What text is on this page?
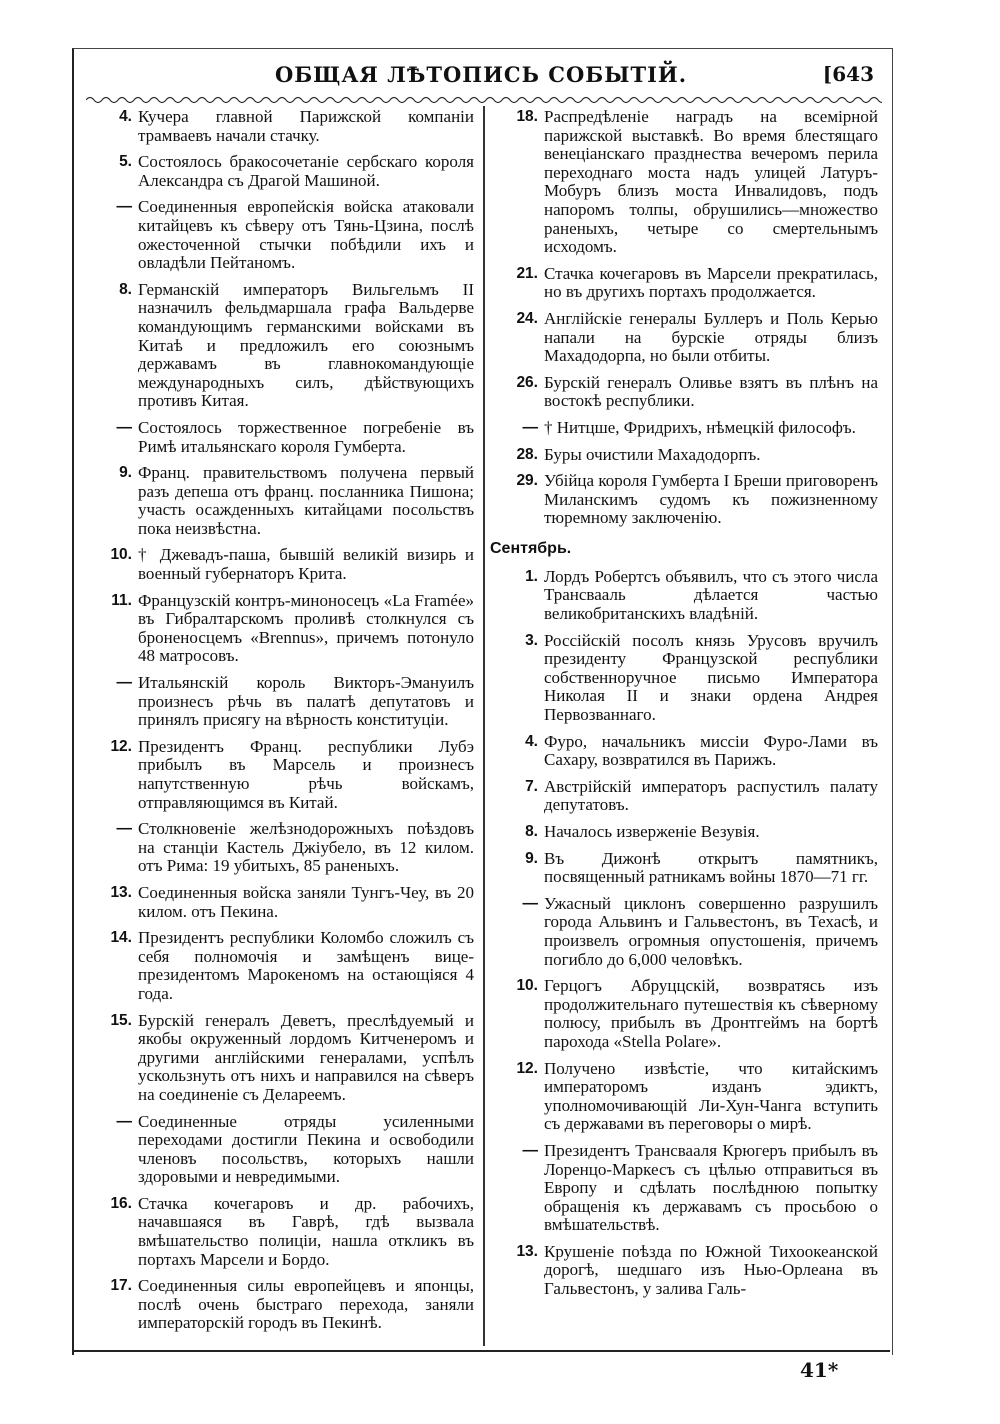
ОБЩАЯ ЛѢТОПИСЬ СОБЫТІЙ.	[643
4. Кучера главной Парижской компаніи трамваевъ начали стачку.
5. Состоялось бракосочетаніе сербскаго короля Александра съ Драгой Машиной.
— Соединенныя европейскія войска атаковали китайцевъ къ сѣверу отъ Тянь-Цзина, послѣ ожесточенной стычки побѣдили ихъ и овладѣли Пейтаномъ.
8. Германскій императоръ Вильгельмъ II назначилъ фельдмаршала графа Вальдерве командующимъ германскими войсками въ Китаѣ и предложилъ его союзнымъ державамъ въ главнокомандующіе международныхъ силъ, дѣйствующихъ противъ Китая.
— Состоялось торжественное погребеніе въ Римѣ итальянскаго короля Гумберта.
9. Франц. правительствомъ получена первый разъ депеша отъ франц. посланника Пишона; участь осажденныхъ китайцами посольствъ пока неизвѣстна.
10. † Джевадъ-паша, бывшій великій визирь и военный губернаторъ Крита.
11. Французскій контръ-миноносецъ «La Framée» въ Гибралтарскомъ проливѣ столкнулся съ броненосцемъ «Brennus», причемъ потонуло 48 матросовъ.
— Итальянскій король Викторъ-Эмануилъ произнесъ рѣчь въ палатѣ депутатовъ и принялъ присягу на вѣрность конституціи.
12. Президентъ Франц. республики Лубэ прибылъ въ Марсель и произнесъ напутственную рѣчь войскамъ, отправляющимся въ Китай.
— Столкновеніе желѣзнодорожныхъ поѣздовъ на станціи Кастель Джіубело, въ 12 килом. отъ Рима: 19 убитыхъ, 85 раненыхъ.
13. Соединенныя войска заняли Тунгъ-Чеу, въ 20 килом. отъ Пекина.
14. Президентъ республики Коломбо сложилъ съ себя полномочія и замѣщенъ вице-президентомъ Марокеномъ на остающіяся 4 года.
15. Бурскій генералъ Деветъ, преслѣдуемый и якобы окруженный лордомъ Китченеромъ и другими англійскими генералами, успѣлъ ускользнуть отъ нихъ и направился на сѣверъ на соединеніе съ Делареемъ.
— Соединенные отряды усиленными переходами достигли Пекина и освободили членовъ посольствъ, которыхъ нашли здоровыми и невредимыми.
16. Стачка кочегаровъ и др. рабочихъ, начавшаяся въ Гаврѣ, гдѣ вызвала вмѣшательство полиціи, нашла откликъ въ портахъ Марсели и Бордо.
17. Соединенныя силы европейцевъ и японцы, послѣ очень быстраго перехода, заняли императорскій городъ въ Пекинѣ.
18. Распредѣленіе наградъ на всемірной парижской выставкѣ. Во время блестящаго венеціанскаго празднества вечеромъ перила переходнаго моста надъ улицей Латуръ-Мобуръ близъ моста Инвалидовъ, подъ напоромъ толпы, обрушились—множество раненыхъ, четыре со смертельнымъ исходомъ.
21. Стачка кочегаровъ въ Марсели прекратилась, но въ другихъ портахъ продолжается.
24. Англійскіе генералы Буллеръ и Поль Керью напали на бурскіе отряды близъ Махадодорпа, но были отбиты.
26. Бурскій генералъ Оливье взятъ въ плѣнъ на востокѣ республики.
— † Нитцше, Фридрихъ, нѣмецкій философъ.
28. Буры очистили Махадодорпъ.
29. Убійца короля Гумберта I Бреши приговоренъ Миланскимъ судомъ къ пожизненному тюремному заключенію.
Сентябрь.
1. Лордъ Робертсъ объявилъ, что съ этого числа Трансвааль дѣлается частью великобританскихъ владѣній.
3. Россійскій посолъ князь Урусовъ вручилъ президенту Французской республики собственноручное письмо Императора Николая II и знаки ордена Андрея Первозваннаго.
4. Фуро, начальникъ миссіи Фуро-Лами въ Сахару, возвратился въ Парижъ.
7. Австрійскій императоръ распустилъ палату депутатовъ.
8. Началось изверженіе Везувія.
9. Въ Дижонѣ открытъ памятникъ, посвященный ратникамъ войны 1870—71 гг.
— Ужасный циклонъ совершенно разрушилъ города Альвинъ и Гальвестонъ, въ Техасѣ, и произвелъ огромныя опустошенія, причемъ погибло до 6,000 человѣкъ.
10. Герцогъ Абруццскій, возвратясь изъ продолжительнаго путешествія къ сѣверному полюсу, прибылъ въ Дронтгеймъ на бортѣ парохода «Stella Polare».
12. Получено извѣстіе, что китайскимъ императоромъ изданъ эдиктъ, уполномочивающій Ли-Хун-Чанга вступить съ державами въ переговоры о мирѣ.
— Президентъ Трансвааля Крюгеръ прибылъ въ Лоренцо-Маркесъ съ цѣлью отправиться въ Европу и сдѣлать послѣднюю попытку обращенія къ державамъ съ просьбою о вмѣшательствѣ.
13. Крушеніе поѣзда по Южной Тихоокеанской дорогѣ, шедшаго изъ Нью-Орлеана въ Гальвестонъ, у залива Галь-
41*
